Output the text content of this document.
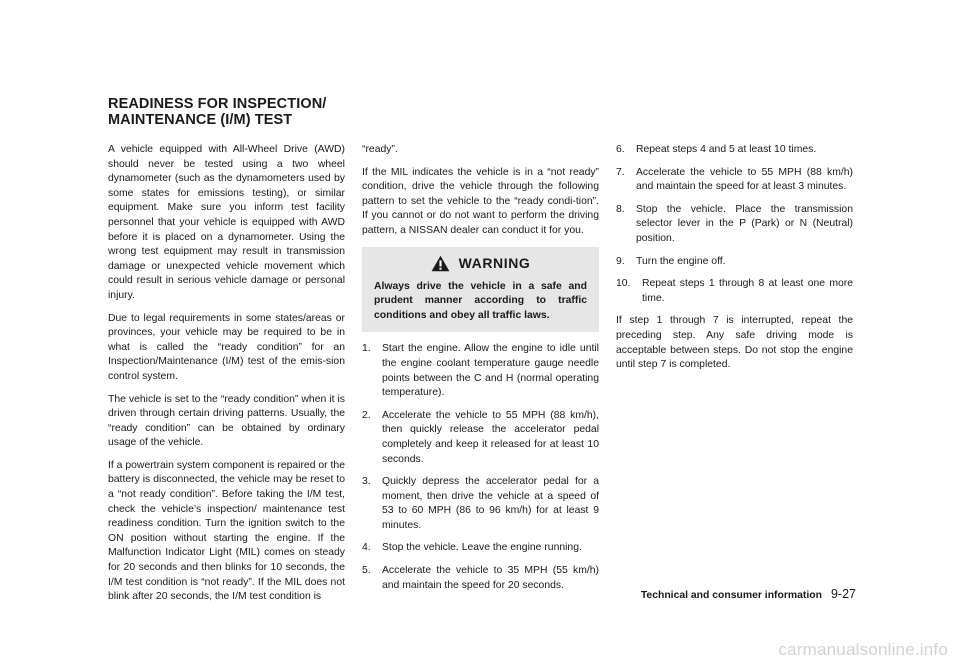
READINESS FOR INSPECTION/
MAINTENANCE (I/M) TEST

A vehicle equipped with All-Wheel Drive (AWD) should never be tested using a two wheel dynamometer (such as the dynamometers used by some states for emissions testing), or similar equipment. Make sure you inform test facility personnel that your vehicle is equipped with AWD before it is placed on a dynamometer. Using the wrong test equipment may result in transmission damage or unexpected vehicle movement which could result in serious vehicle damage or personal injury.

Due to legal requirements in some states/areas or provinces, your vehicle may be required to be in what is called the “ready condition” for an Inspection/Maintenance (I/M) test of the emis-sion control system.

The vehicle is set to the “ready condition” when it is driven through certain driving patterns. Usually, the “ready condition” can be obtained by ordinary usage of the vehicle.

If a powertrain system component is repaired or the battery is disconnected, the vehicle may be reset to a “not ready condition”. Before taking the I/M test, check the vehicle’s inspection/ maintenance test readiness condition. Turn the ignition switch to the ON position without starting the engine. If the Malfunction Indicator Light (MIL) comes on steady for 20 seconds and then blinks for 10 seconds, the I/M test condition is “not ready”. If the MIL does not blink after 20 seconds, the I/M test condition is

“ready”.

If the MIL indicates the vehicle is in a “not ready” condition, drive the vehicle through the following pattern to set the vehicle to the “ready condi-tion”. If you cannot or do not want to perform the driving pattern, a NISSAN dealer can conduct it for you.

WARNING
Always drive the vehicle in a safe and prudent manner according to traffic conditions and obey all traffic laws.
1.	Start the engine. Allow the engine to idle until the engine coolant temperature gauge needle points between the C and H (normal operating temperature).
2.	Accelerate the vehicle to 55 MPH (88 km/h), then quickly release the accelerator pedal completely and keep it released for at least 10 seconds.
3.	Quickly depress the accelerator pedal for a moment, then drive the vehicle at a speed of 53 to 60 MPH (86 to 96 km/h) for at least 9 minutes.
4.	Stop the vehicle. Leave the engine running.
5.	Accelerate the vehicle to 35 MPH (55 km/h) and maintain the speed for 20 seconds.
6.	Repeat steps 4 and 5 at least 10 times.
7.	Accelerate the vehicle to 55 MPH (88 km/h) and maintain the speed for at least 3 minutes.
8.	Stop the vehicle. Place the transmission selector lever in the P (Park) or N (Neutral) position.
9.	Turn the engine off.
10.	Repeat steps 1 through 8 at least one more time.

If step 1 through 7 is interrupted, repeat the preceding step. Any safe driving mode is acceptable between steps. Do not stop the engine until step 7 is completed.

Technical and consumer information 9-27
carmanualsonline.info
